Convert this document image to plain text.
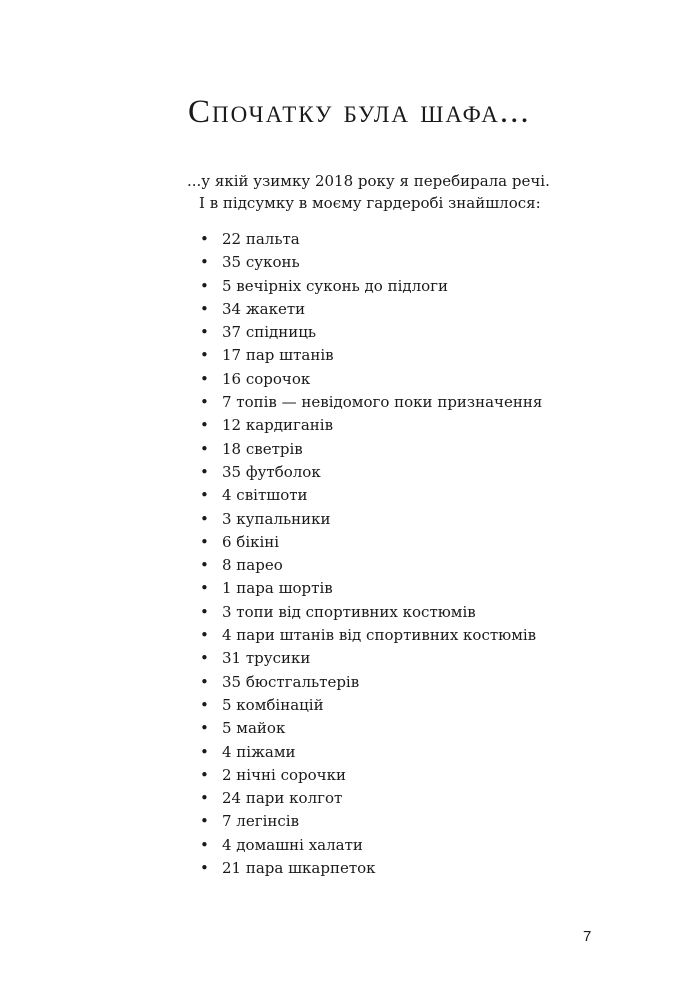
Спочатку була шафа...
...у якій узимку 2018 року я перебирала речі.
І в підсумку в моєму гардеробі знайшлося:
• 22 пальта
• 35 суконь
• 5 вечірніх суконь до підлоги
• 34 жакети
• 37 спідниць
• 17 пар штанів
• 16 сорочок
• 7 топів — невідомого поки призначення
• 12 кардиганів
• 18 светрів
• 35 футболок
• 4 світшоти
• 3 купальники
• 6 бікіні
• 8 парео
• 1 пара шортів
• 3 топи від спортивних костюмів
• 4 пари штанів від спортивних костюмів
• 31 трусики
• 35 бюстгальтерів
• 5 комбінацій
• 5 майок
• 4 піжами
• 2 нічні сорочки
• 24 пари колгот
• 7 легінсів
• 4 домашні халати
• 21 пара шкарпеток
7
